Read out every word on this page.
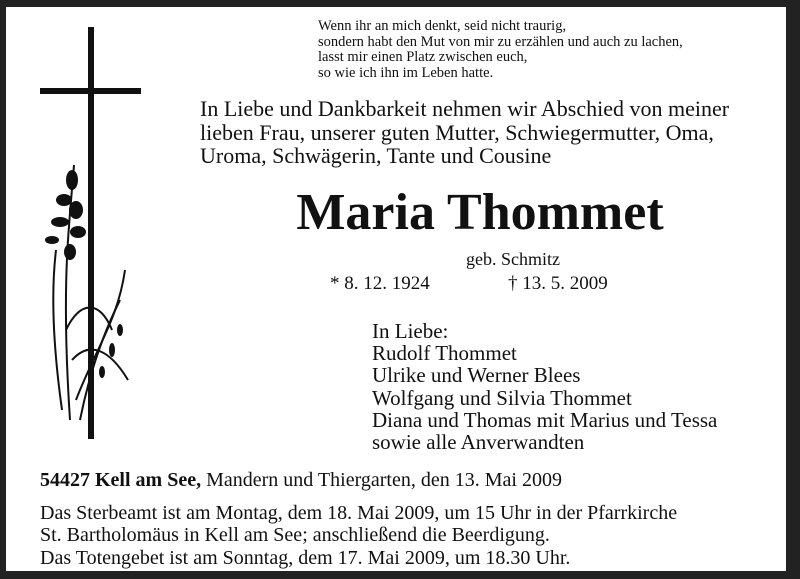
Wenn ihr an mich denkt, seid nicht traurig,
sondern habt den Mut von mir zu erzählen und auch zu lachen,
lasst mir einen Platz zwischen euch,
so wie ich ihn im Leben hatte.
In Liebe und Dankbarkeit nehmen wir Abschied von meiner
lieben Frau, unserer guten Mutter, Schwiegermutter, Oma,
Uroma, Schwägerin, Tante und Cousine
Maria Thommet
geb. Schmitz
* 8. 12. 1924	† 13. 5. 2009
In Liebe:
Rudolf Thommet
Ulrike und Werner Blees
Wolfgang und Silvia Thommet
Diana und Thomas mit Marius und Tessa
sowie alle Anverwandten
54427 Kell am See, Mandern und Thiergarten, den 13. Mai 2009
Das Sterbeamt ist am Montag, dem 18. Mai 2009, um 15 Uhr in der Pfarrkirche
St. Bartholomäus in Kell am See; anschließend die Beerdigung.
Das Totengebet ist am Sonntag, dem 17. Mai 2009, um 18.30 Uhr.
